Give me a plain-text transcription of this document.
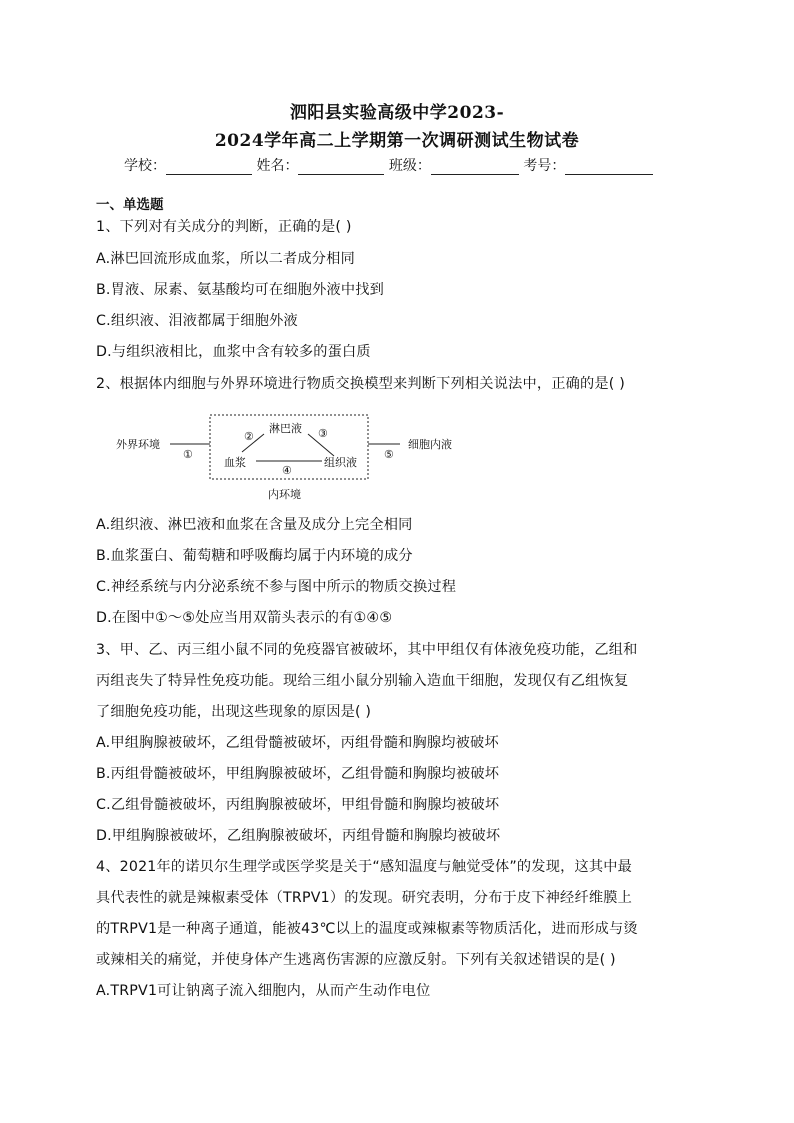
泗阳县实验高级中学2023-
2024学年高二上学期第一次调研测试生物试卷
学校：	姓名：	班级：	考号：
一、单选题
1、下列对有关成分的判断，正确的是( )
A.淋巴回流形成血浆，所以二者成分相同
B.胃液、尿素、氨基酸均可在细胞外液中找到
C.组织液、泪液都属于细胞外液
D.与组织液相比，血浆中含有较多的蛋白质
2、根据体内细胞与外界环境进行物质交换模型来判断下列相关说法中，正确的是( )
外界环境
①
②
淋巴液 ③
血浆
④
组织液
⑤
细胞内液
内环境
A.组织液、淋巴液和血浆在含量及成分上完全相同
B.血浆蛋白、葡萄糖和呼吸酶均属于内环境的成分
C.神经系统与内分泌系统不参与图中所示的物质交换过程
D.在图中①～⑤处应当用双箭头表示的有①④⑤
3、甲、乙、丙三组小鼠不同的免疫器官被破坏，其中甲组仅有体液免疫功能，乙组和
丙组丧失了特异性免疫功能。现给三组小鼠分别输入造血干细胞，发现仅有乙组恢复
了细胞免疫功能，出现这些现象的原因是( )
A.甲组胸腺被破坏，乙组骨髓被破坏，丙组骨髓和胸腺均被破坏
B.丙组骨髓被破坏，甲组胸腺被破坏，乙组骨髓和胸腺均被破坏
C.乙组骨髓被破坏，丙组胸腺被破坏，甲组骨髓和胸腺均被破坏
D.甲组胸腺被破坏，乙组胸腺被破坏，丙组骨髓和胸腺均被破坏
4、2021年的诺贝尔生理学或医学奖是关于“感知温度与触觉受体”的发现，这其中最
具代表性的就是辣椒素受体（TRPV1）的发现。研究表明，分布于皮下神经纤维膜上
的TRPV1是一种离子通道，能被43℃以上的温度或辣椒素等物质活化，进而形成与烫
或辣相关的痛觉，并使身体产生逃离伤害源的应激反射。下列有关叙述错误的是( )
A.TRPV1可让钠离子流入细胞内，从而产生动作电位
